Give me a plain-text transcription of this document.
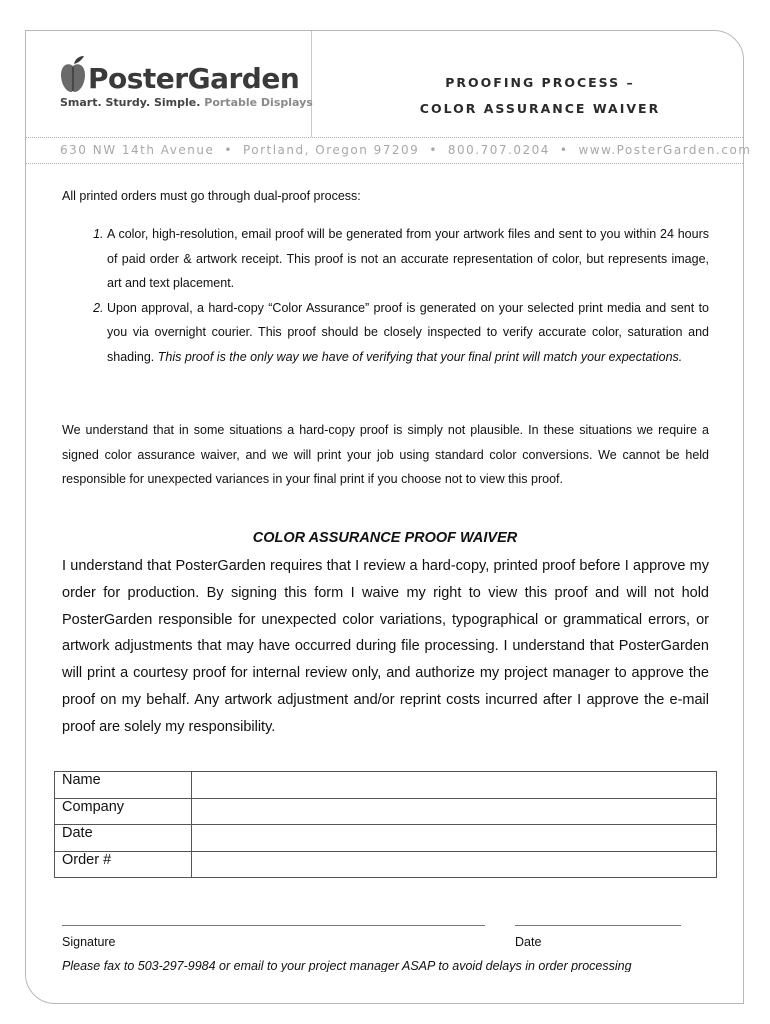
PosterGarden
Smart. Sturdy. Simple. Portable Displays
PROOFING PROCESS –
COLOR ASSURANCE WAIVER
630 NW 14th Avenue • Portland, Oregon 97209 • 800.707.0204 • www.PosterGarden.com
All printed orders must go through dual-proof process:
1. A color, high-resolution, email proof will be generated from your artwork files and sent to you within 24 hours of paid order & artwork receipt. This proof is not an accurate representation of color, but represents image, art and text placement.
2. Upon approval, a hard-copy “Color Assurance” proof is generated on your selected print media and sent to you via overnight courier. This proof should be closely inspected to verify accurate color, saturation and shading. This proof is the only way we have of verifying that your final print will match your expectations.
We understand that in some situations a hard-copy proof is simply not plausible. In these situations we require a signed color assurance waiver, and we will print your job using standard color conversions. We cannot be held responsible for unexpected variances in your final print if you choose not to view this proof.
COLOR ASSURANCE PROOF WAIVER
I understand that PosterGarden requires that I review a hard-copy, printed proof before I approve my order for production. By signing this form I waive my right to view this proof and will not hold PosterGarden responsible for unexpected color variations, typographical or grammatical errors, or artwork adjustments that may have occurred during file processing. I understand that PosterGarden will print a courtesy proof for internal review only, and authorize my project manager to approve the proof on my behalf. Any artwork adjustment and/or reprint costs incurred after I approve the e-mail proof are solely my responsibility.
Name	
Company	
Date	
Order #	
Signature	Date
Please fax to 503-297-9984 or email to your project manager ASAP to avoid delays in order processing
